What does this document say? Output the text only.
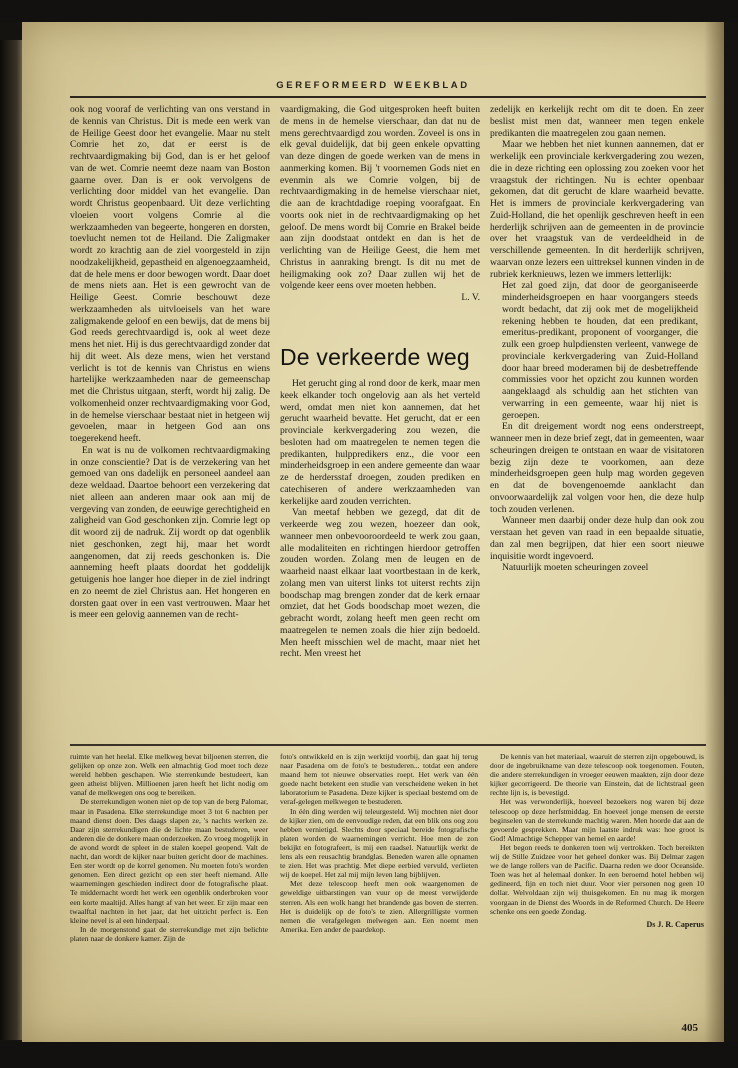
GEREFORMEERD WEEKBLAD

ook nog vooraf de verlichting van ons verstand in de kennis van Christus. Dit is mede een werk van de Heilige Geest door het evangelie. Maar nu stelt Comrie het zo, dat er eerst is de rechtvaardigmaking bij God, dan is er het geloof van de wet. Comrie neemt deze naam van Boston gaarne over. Dan is er ook vervolgens de verlichting door middel van het evangelie. Dan wordt Christus geopenbaard. Uit deze verlichting vloeien voort volgens Comrie al die werkzaamheden van begeerte, hongeren en dorsten, toevlucht nemen tot de Heiland. Die Zaligmaker wordt zo krachtig aan de ziel voorgesteld in zijn noodzakelijkheid, gepastheid en algenoegzaamheid, dat de hele mens er door bewogen wordt. Daar doet de mens niets aan. Het is een gewrocht van de Heilige Geest. Comrie beschouwt deze werkzaamheden als uitvloeisels van het ware zaligmakende geloof en een bewijs, dat de mens bij God reeds gerechtvaardigd is, ook al weet deze mens het niet. Hij is dus gerechtvaardigd zonder dat hij dit weet. Als deze mens, wien het verstand verlicht is tot de kennis van Christus en wiens hartelijke werkzaamheden naar de gemeenschap met die Christus uitgaan, sterft, wordt hij zalig. De volkomenheid onzer rechtvaardigmaking voor God, in de hemelse vierschaar bestaat niet in hetgeen wij gevoelen, maar in hetgeen God aan ons toegerekend heeft.

En wat is nu de volkomen rechtvaardigmaking in onze conscientie? Dat is de verzekering van het gemoed van ons dadelijk en personeel aandeel aan deze weldaad. Daartoe behoort een verzekering dat niet alleen aan anderen maar ook aan mij de vergeving van zonden, de eeuwige gerechtigheid en zaligheid van God geschonken zijn. Comrie legt op dit woord zij de nadruk. Zij wordt op dat ogenblik niet geschonken, zegt hij, maar het wordt aangenomen, dat zij reeds geschonken is. Die aanneming heeft plaats doordat het goddelijk getuigenis hoe langer hoe dieper in de ziel indringt en zo neemt de ziel Christus aan. Het hongeren en dorsten gaat over in een vast vertrouwen. Maar het is meer een gelovig aannemen van de recht-

vaardigmaking, die God uitgesproken heeft buiten de mens in de hemelse vierschaar, dan dat nu de mens gerechtvaardigd zou worden. Zoveel is ons in elk geval duidelijk, dat bij geen enkele opvatting van deze dingen de goede werken van de mens in aanmerking komen. Bij 't voornemen Gods niet en evenmin als we Comrie volgen, bij de rechtvaardigmaking in de hemelse vierschaar niet, die aan de krachtdadige roeping voorafgaat. En voorts ook niet in de rechtvaardigmaking op het geloof. De mens wordt bij Comrie en Brakel beide aan zijn doodstaat ontdekt en dan is het de verlichting van de Heilige Geest, die hem met Christus in aanraking brengt. Is dit nu met de heiligmaking ook zo? Daar zullen wij het de volgende keer eens over moeten hebben.

L. V.

De verkeerde weg

Het gerucht ging al rond door de kerk, maar men keek elkander toch ongelovig aan als het verteld werd, omdat men niet kon aannemen, dat het gerucht waarheid bevatte. Het gerucht, dat er een provinciale kerkvergadering zou wezen, die besloten had om maatregelen te nemen tegen die predikanten, hulppredikers enz., die voor een minderheidsgroep in een andere gemeente dan waar ze de herdersstaf droegen, zouden prediken en catechiseren of andere werkzaamheden van kerkelijke aard zouden verrichten.

Van meetaf hebben we gezegd, dat dit de verkeerde weg zou wezen, hoezeer dan ook, wanneer men onbevooroordeeld te werk zou gaan, alle modaliteiten en richtingen hierdoor getroffen zouden worden. Zolang men de leugen en de waarheid naast elkaar laat voortbestaan in de kerk, zolang men van uiterst links tot uiterst rechts zijn boodschap mag brengen zonder dat de kerk ernaar omziet, dat het Gods boodschap moet wezen, die gebracht wordt, zolang heeft men geen recht om maatregelen te nemen zoals die hier zijn bedoeld. Men heeft misschien wel de macht, maar niet het recht. Men vreest het

zedelijk en kerkelijk recht om dit te doen. En zeer beslist mist men dat, wanneer men tegen enkele predikanten die maatregelen zou gaan nemen.

Maar we hebben het niet kunnen aannemen, dat er werkelijk een provinciale kerkvergadering zou wezen, die in deze richting een oplossing zou zoeken voor het vraagstuk der richtingen. Nu is echter openbaar gekomen, dat dit gerucht de klare waarheid bevatte. Het is immers de provinciale kerkvergadering van Zuid-Holland, die het openlijk geschreven heeft in een herderlijk schrijven aan de gemeenten in de provincie over het vraagstuk van de verdeeldheid in de verschillende gemeenten. In dit herderlijk schrijven, waarvan onze lezers een uittreksel kunnen vinden in de rubriek kerknieuws, lezen we immers letterlijk:

Het zal goed zijn, dat door de georganiseerde minderheidsgroepen en haar voorgangers steeds wordt bedacht, dat zij ook met de mogelijkheid rekening hebben te houden, dat een predikant, emeritus-predikant, proponent of voorganger, die zulk een groep hulpdiensten verleent, vanwege de provinciale kerkvergadering van Zuid-Holland door haar breed moderamen bij de desbetreffende commissies voor het opzicht zou kunnen worden aangeklaagd als schuldig aan het stichten van verwarring in een gemeente, waar hij niet is geroepen.

En dit dreigement wordt nog eens onderstreept, wanneer men in deze brief zegt, dat in gemeenten, waar scheuringen dreigen te ontstaan en waar de visitatoren bezig zijn deze te voorkomen, aan deze minderheidsgroepen geen hulp mag worden gegeven en dat de bovengenoemde aanklacht dan onvoorwaardelijk zal volgen voor hen, die deze hulp toch zouden verlenen.

Wanneer men daarbij onder deze hulp dan ook zou verstaan het geven van raad in een bepaalde situatie, dan zal men begrijpen, dat hier een soort nieuwe inquisitie wordt ingevoerd.

Natuurlijk moeten scheuringen zoveel

ruimte van het heelal. Elke melkweg bevat biljoenen sterren, die gelijken op onze zon. Welk een almachtig God moet toch deze wereld hebben geschapen. Wie sterrenkunde bestudeert, kan geen atheist blijven. Millioenen jaren heeft het licht nodig om vanaf de melkwegen ons oog te bereiken.

De sterrekundigen wonen niet op de top van de berg Palomar, maar in Pasadena. Elke sterrekundige moet 3 tot 6 nachten per maand dienst doen. Des daags slapen ze, 's nachts werken ze. Daar zijn sterrekundigen die de lichte maan bestuderen, weer anderen die de donkere maan onderzoeken. Zo vroeg mogelijk in de avond wordt de spleet in de stalen koepel geopend. Valt de nacht, dan wordt de kijker naar buiten gericht door de machines. Een ster wordt op de korrel genomen. Nu moeten foto's worden genomen. Een direct gezicht op een ster heeft niemand. Alle waarnemingen geschieden indirect door de fotografische plaat. Te middernacht wordt het werk een ogenblik onderbroken voor een korte maaltijd. Alles hangt af van het weer. Er zijn maar een twaalftal nachten in het jaar, dat het uitzicht perfect is. Een kleine nevel is al een hinderpaal.

In de morgenstond gaat de sterrekundige met zijn belichte platen naar de donkere kamer. Zijn de

foto's ontwikkeld en is zijn werktijd voorbij, dan gaat hij terug naar Pasadena om de foto's te bestuderen... totdat een andere maand hem tot nieuwe observaties roept. Het werk van één goede nacht betekent een studie van verscheidene weken in het laboratorium te Pasadena. Deze kijker is speciaal bestemd om de veraf-gelegen melkwegen te bestuderen.

In één ding werden wij teleurgesteld. Wij mochten niet door de kijker zien, om de eenvoudige reden, dat een blik ons oog zou hebben vernietigd. Slechts door speciaal bereide fotografische platen worden de waarnemingen verricht. Hoe men de zon bekijkt en fotografeert, is mij een raadsel. Natuurlijk werkt de lens als een reusachtig brandglas. Beneden waren alle opnamen te zien. Het was prachtig. Met diepe eerbied vervuld, verlieten wij de koepel. Het zal mij mijn leven lang bijblijven.

Met deze telescoop heeft men ook waargenomen de geweldige uitbarstingen van vuur op de meest verwijderde sterren. Als een wolk hangt het brandende gas boven de sterren. Het is duidelijk op de foto's te zien. Allergrilligste vormen nemen die verafgelegen melwegen aan. Een noemt men Amerika. Een ander de paardekop.

De kennis van het materiaal, waaruit de sterren zijn opgebouwd, is door de ingebruikname van deze telescoop ook toegenomen. Fouten, die andere sterrekundigen in vroeger eeuwen maakten, zijn door deze kijker gecorrigeerd. De theorie van Einstein, dat de lichtstraal geen rechte lijn is, is bevestigd.

Het was verwonderlijk, hoeveel bezoekers nog waren bij deze telescoop op deze herfstmiddag. En hoeveel jonge mensen de eerste beginselen van de sterrekunde machtig waren. Men hoorde dat aan de gevoerde gesprekken. Maar mijn laatste indruk was: hoe groot is God! Almachtige Schepper van hemel en aarde!

Het begon reeds te donkeren toen wij vertrokken. Toch bereikten wij de Stille Zuidzee voor het geheel donker was. Bij Delmar zagen we de lange rollers van de Pacific. Daarna reden we door Oceanside. Toen was het al helemaal donker. In een beroemd hotel hebben wij gedineerd, fijn en toch niet duur. Voor vier personen nog geen 10 dollar. Welvoldaan zijn wij thuisgekomen. En nu mag ik morgen voorgaan in de Dienst des Woords in de Reformed Church. De Heere schenke ons een goede Zondag.

Ds J. R. Caperus

405
